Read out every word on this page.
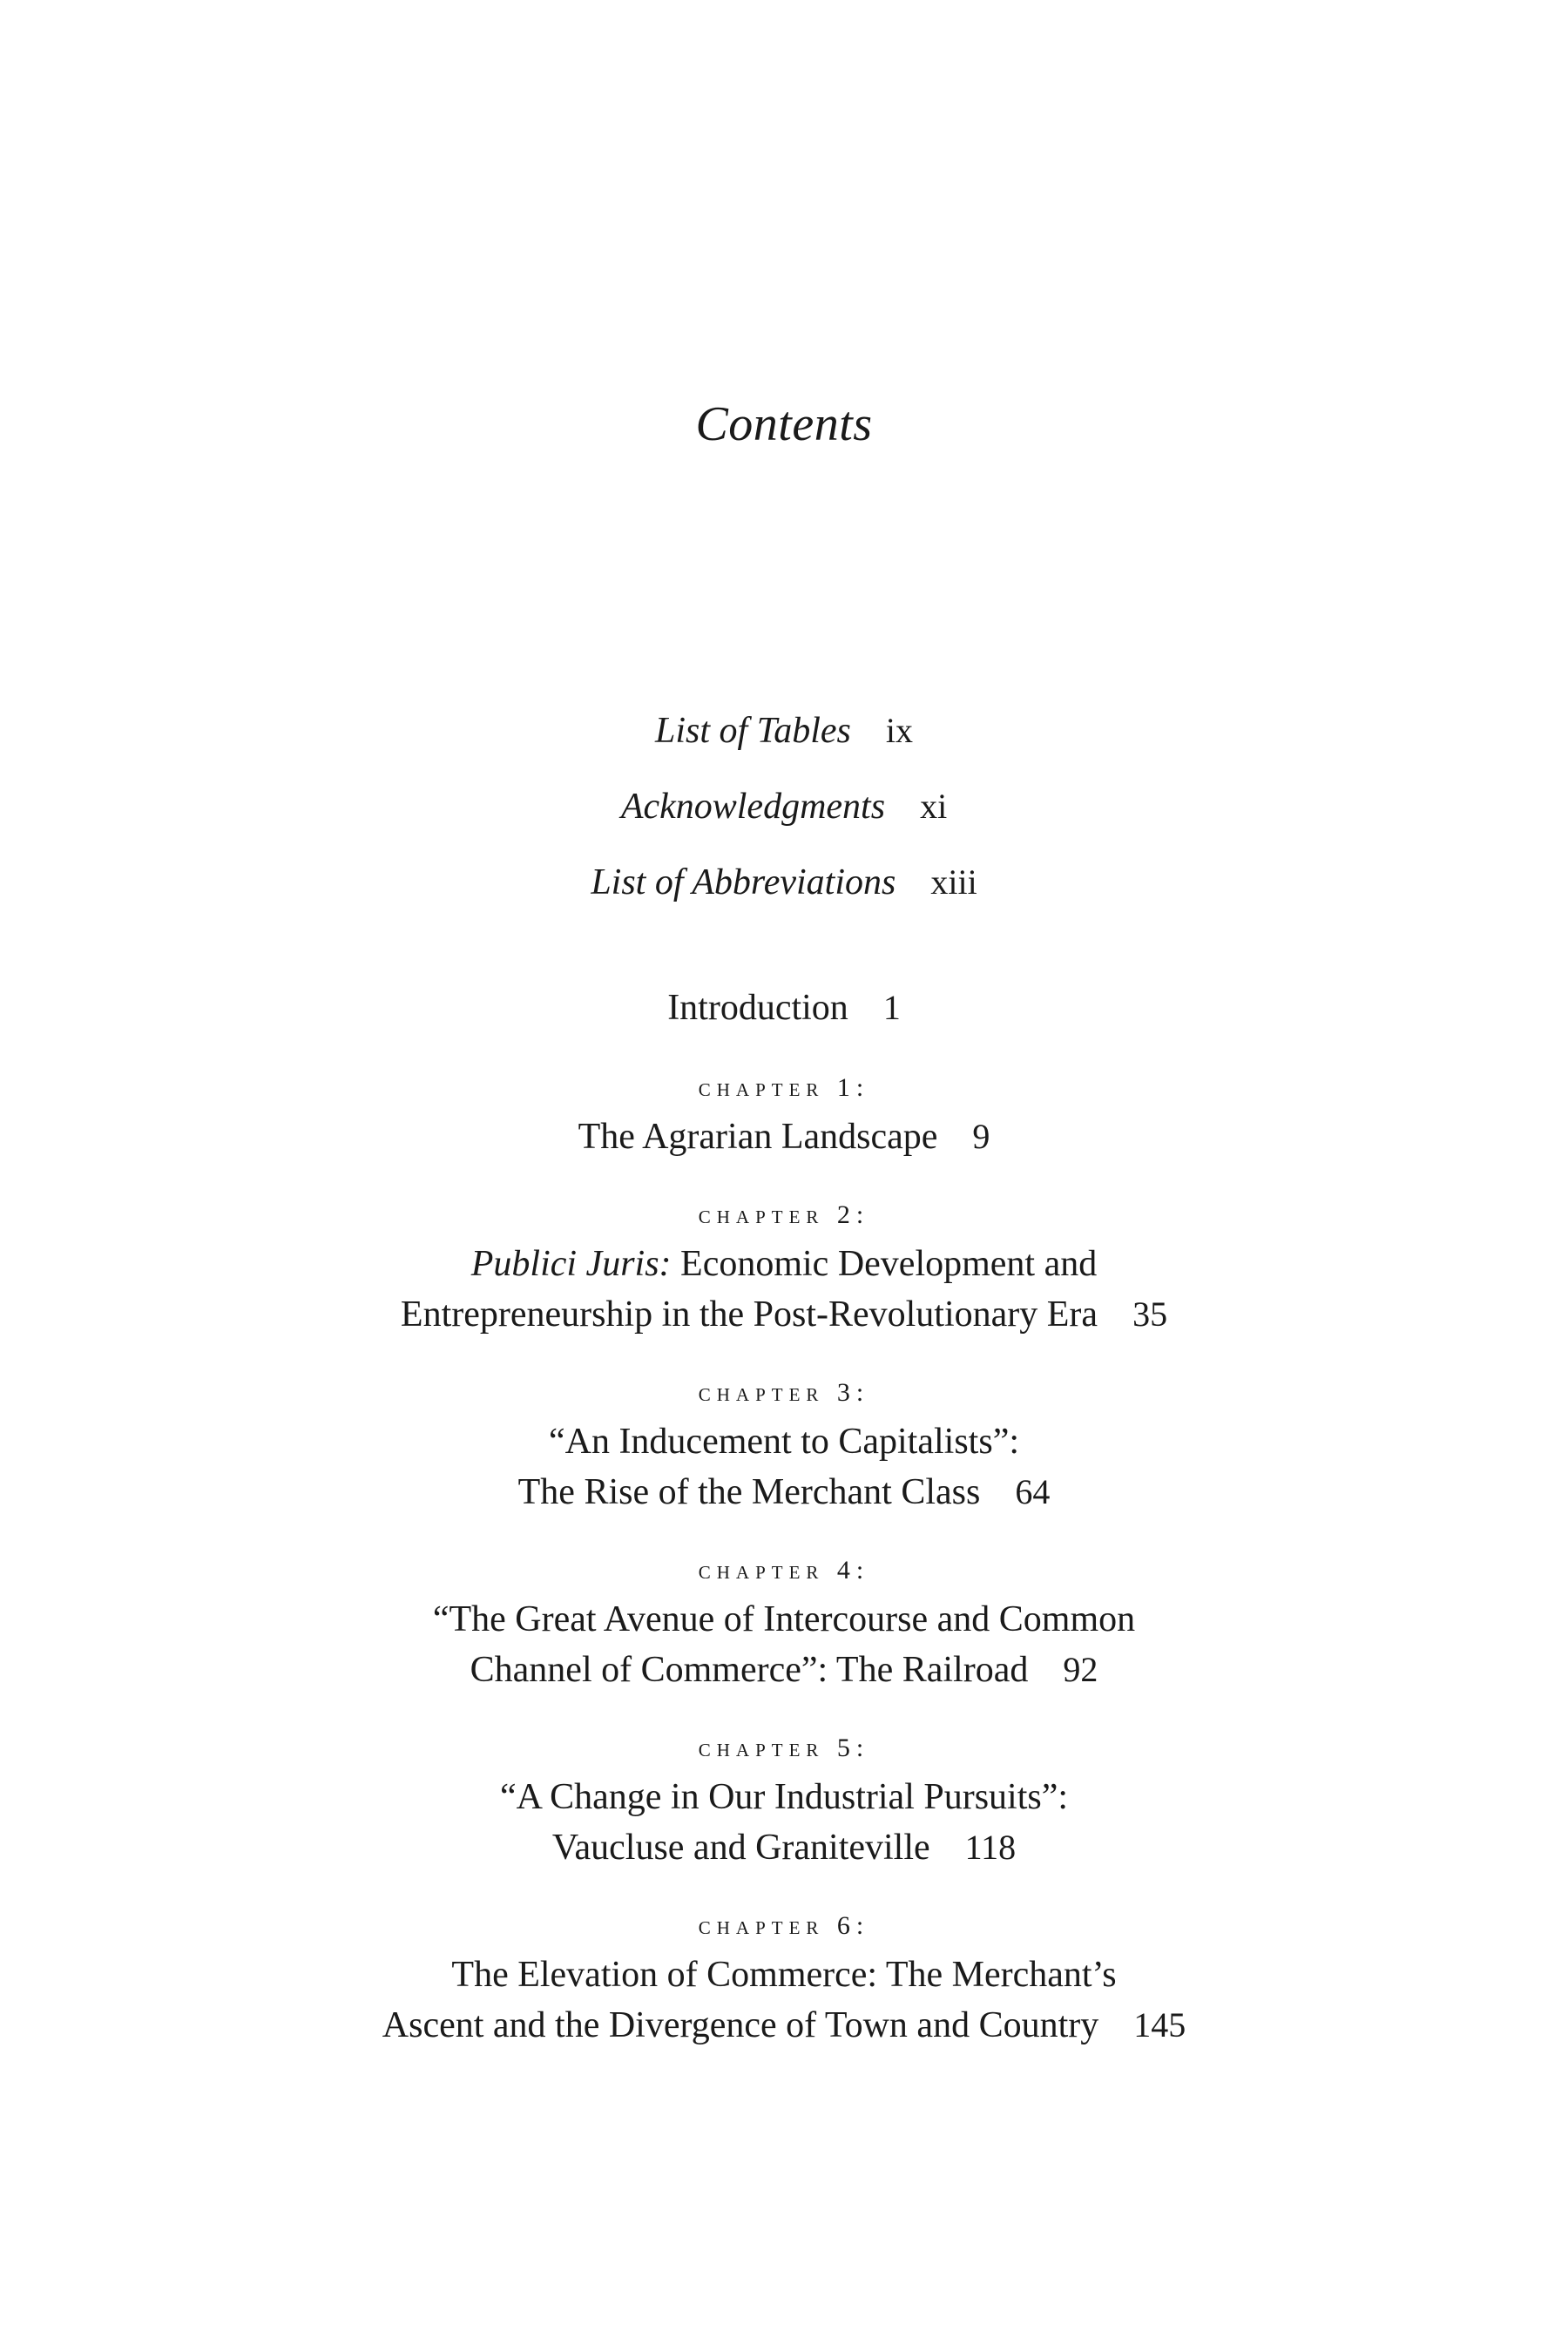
Contents
List of Tables ix
Acknowledgments xi
List of Abbreviations xiii
Introduction 1
chapter 1:
The Agrarian Landscape 9
chapter 2:
Publici Juris: Economic Development and
Entrepreneurship in the Post-Revolutionary Era 35
chapter 3:
“An Inducement to Capitalists”:
The Rise of the Merchant Class 64
chapter 4:
“The Great Avenue of Intercourse and Common
Channel of Commerce”: The Railroad 92
chapter 5:
“A Change in Our Industrial Pursuits”:
Vaucluse and Graniteville 118
chapter 6:
The Elevation of Commerce: The Merchant’s
Ascent and the Divergence of Town and Country 145
